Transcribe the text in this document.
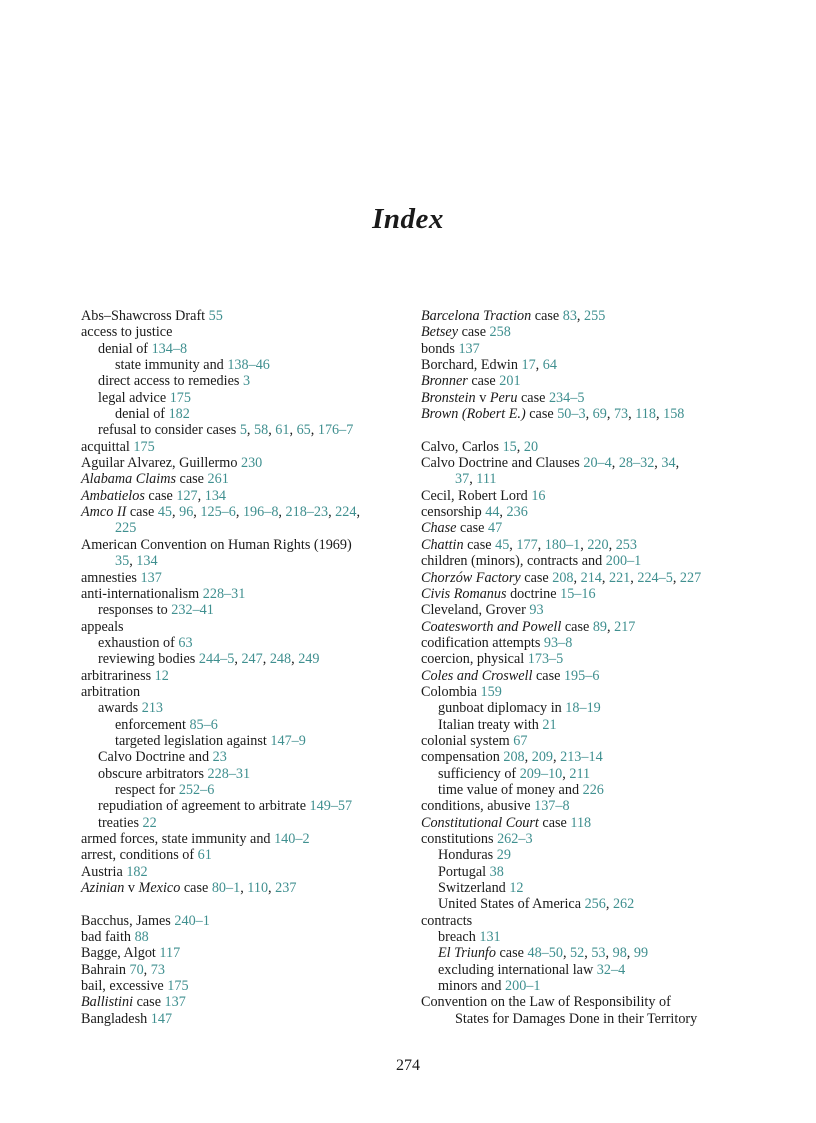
Index
Abs–Shawcross Draft 55
access to justice
denial of 134–8
state immunity and 138–46
direct access to remedies 3
legal advice 175
denial of 182
refusal to consider cases 5, 58, 61, 65, 176–7
acquittal 175
Aguilar Alvarez, Guillermo 230
Alabama Claims case 261
Ambatielos case 127, 134
Amco II case 45, 96, 125–6, 196–8, 218–23, 224,
225
American Convention on Human Rights (1969)
35, 134
amnesties 137
anti-internationalism 228–31
responses to 232–41
appeals
exhaustion of 63
reviewing bodies 244–5, 247, 248, 249
arbitrariness 12
arbitration
awards 213
enforcement 85–6
targeted legislation against 147–9
Calvo Doctrine and 23
obscure arbitrators 228–31
respect for 252–6
repudiation of agreement to arbitrate 149–57
treaties 22
armed forces, state immunity and 140–2
arrest, conditions of 61
Austria 182
Azinian v Mexico case 80–1, 110, 237
Bacchus, James 240–1
bad faith 88
Bagge, Algot 117
Bahrain 70, 73
bail, excessive 175
Ballistini case 137
Bangladesh 147
Barcelona Traction case 83, 255
Betsey case 258
bonds 137
Borchard, Edwin 17, 64
Bronner case 201
Bronstein v Peru case 234–5
Brown (Robert E.) case 50–3, 69, 73, 118, 158
Calvo, Carlos 15, 20
Calvo Doctrine and Clauses 20–4, 28–32, 34,
37, 111
Cecil, Robert Lord 16
censorship 44, 236
Chase case 47
Chattin case 45, 177, 180–1, 220, 253
children (minors), contracts and 200–1
Chorzów Factory case 208, 214, 221, 224–5, 227
Civis Romanus doctrine 15–16
Cleveland, Grover 93
Coatesworth and Powell case 89, 217
codification attempts 93–8
coercion, physical 173–5
Coles and Croswell case 195–6
Colombia 159
gunboat diplomacy in 18–19
Italian treaty with 21
colonial system 67
compensation 208, 209, 213–14
sufficiency of 209–10, 211
time value of money and 226
conditions, abusive 137–8
Constitutional Court case 118
constitutions 262–3
Honduras 29
Portugal 38
Switzerland 12
United States of America 256, 262
contracts
breach 131
El Triunfo case 48–50, 52, 53, 98, 99
excluding international law 32–4
minors and 200–1
Convention on the Law of Responsibility of
States for Damages Done in their Territory
274
